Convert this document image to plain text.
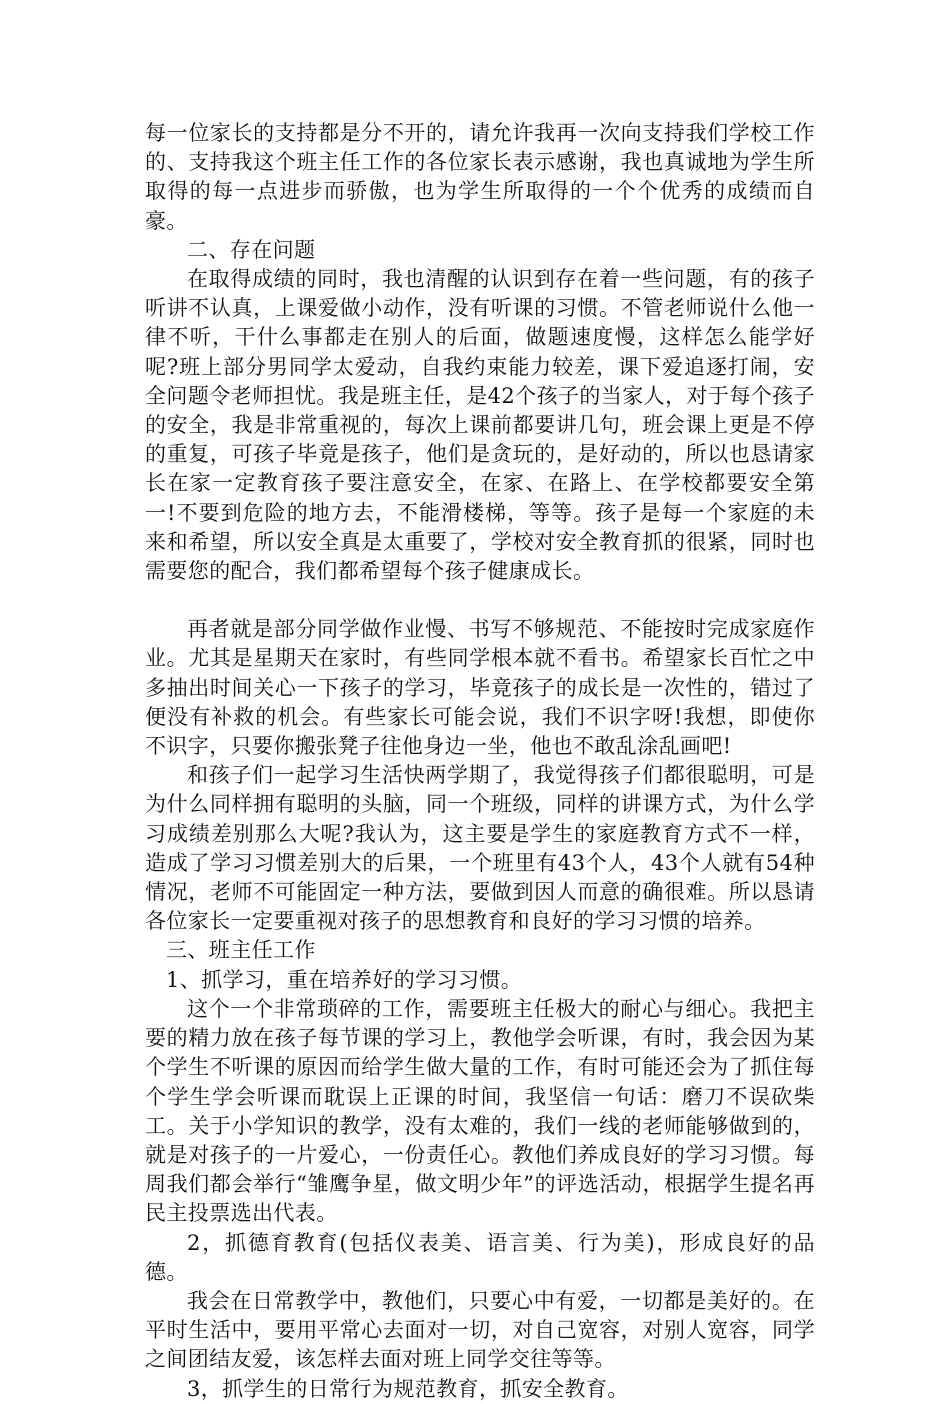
每一位家长的支持都是分不开的，请允许我再一次向支持我们学校工作的、支持我这个班主任工作的各位家长表示感谢，我也真诚地为学生所取得的每一点进步而骄傲，也为学生所取得的一个个优秀的成绩而自豪。

二、存在问题

在取得成绩的同时，我也清醒的认识到存在着一些问题，有的孩子听讲不认真，上课爱做小动作，没有听课的习惯。不管老师说什么他一律不听，干什么事都走在别人的后面，做题速度慢，这样怎么能学好呢?班上部分男同学太爱动，自我约束能力较差，课下爱追逐打闹，安全问题令老师担忧。我是班主任，是42个孩子的当家人，对于每个孩子的安全，我是非常重视的，每次上课前都要讲几句，班会课上更是不停的重复，可孩子毕竟是孩子，他们是贪玩的，是好动的，所以也恳请家长在家一定教育孩子要注意安全，在家、在路上、在学校都要安全第一!不要到危险的地方去，不能滑楼梯，等等。孩子是每一个家庭的未来和希望，所以安全真是太重要了，学校对安全教育抓的很紧，同时也需要您的配合，我们都希望每个孩子健康成长。

再者就是部分同学做作业慢、书写不够规范、不能按时完成家庭作业。尤其是星期天在家时，有些同学根本就不看书。希望家长百忙之中多抽出时间关心一下孩子的学习，毕竟孩子的成长是一次性的，错过了便没有补救的机会。有些家长可能会说，我们不识字呀!我想，即使你不识字，只要你搬张凳子往他身边一坐，他也不敢乱涂乱画吧!

和孩子们一起学习生活快两学期了，我觉得孩子们都很聪明，可是为什么同样拥有聪明的头脑，同一个班级，同样的讲课方式，为什么学习成绩差别那么大呢?我认为，这主要是学生的家庭教育方式不一样，造成了学习习惯差别大的后果，一个班里有43个人，43个人就有54种情况，老师不可能固定一种方法，要做到因人而意的确很难。所以恳请各位家长一定要重视对孩子的思想教育和良好的学习习惯的培养。

三、班主任工作

1、抓学习，重在培养好的学习习惯。

这个一个非常琐碎的工作，需要班主任极大的耐心与细心。我把主要的精力放在孩子每节课的学习上，教他学会听课，有时，我会因为某个学生不听课的原因而给学生做大量的工作，有时可能还会为了抓住每个学生学会听课而耽误上正课的时间，我坚信一句话：磨刀不误砍柴工。关于小学知识的教学，没有太难的，我们一线的老师能够做到的，就是对孩子的一片爱心，一份责任心。教他们养成良好的学习习惯。每周我们都会举行“雏鹰争星，做文明少年”的评选活动，根据学生提名再民主投票选出代表。

2，抓德育教育(包括仪表美、语言美、行为美)，形成良好的品德。

我会在日常教学中，教他们，只要心中有爱，一切都是美好的。在平时生活中，要用平常心去面对一切，对自己宽容，对别人宽容，同学之间团结友爱，该怎样去面对班上同学交往等等。

3，抓学生的日常行为规范教育，抓安全教育。
